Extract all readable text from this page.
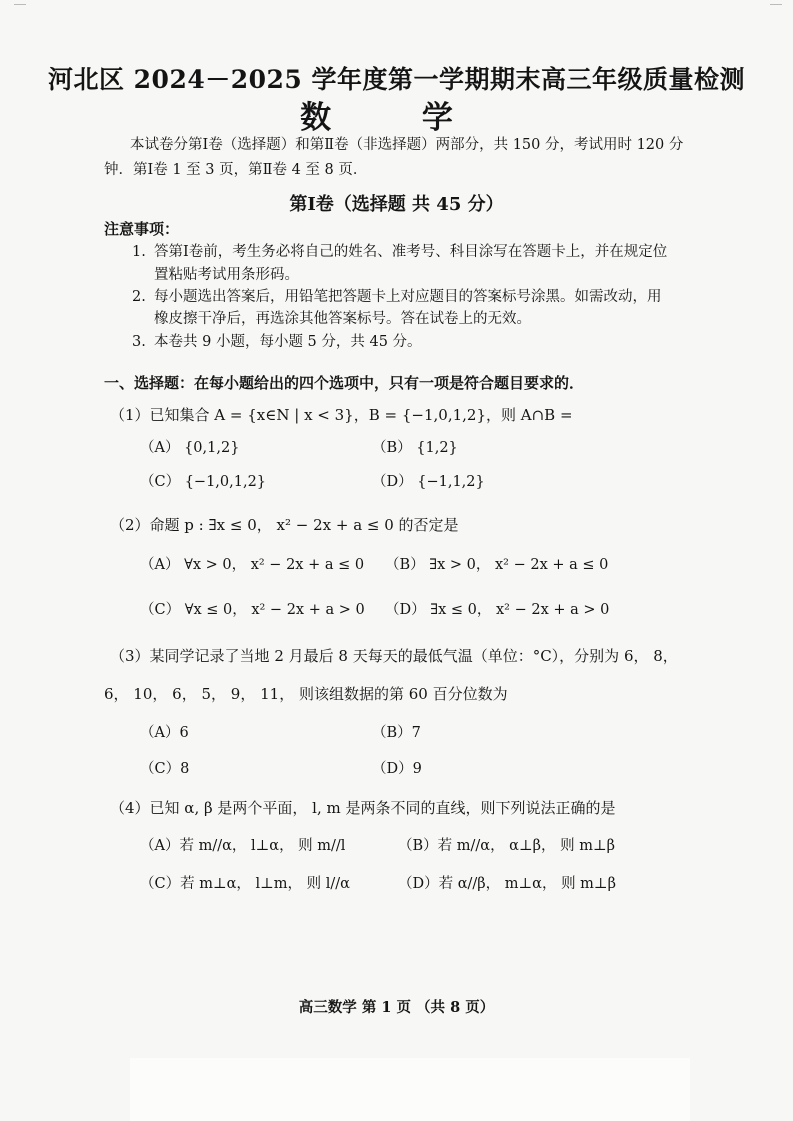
河北区 2024－2025 学年度第一学期期末高三年级质量检测
数 学
本试卷分第Ⅰ卷（选择题）和第Ⅱ卷（非选择题）两部分，共 150 分，考试用时 120 分
钟．第Ⅰ卷 1 至 3 页，第Ⅱ卷 4 至 8 页．
第Ⅰ卷（选择题 共 45 分）
注意事项：
1. 答第Ⅰ卷前，考生务必将自己的姓名、准考号、科目涂写在答题卡上，并在规定位
置粘贴考试用条形码。
2. 每小题选出答案后，用铅笔把答题卡上对应题目的答案标号涂黑。如需改动，用
橡皮擦干净后，再选涂其他答案标号。答在试卷上的无效。
3. 本卷共 9 小题，每小题 5 分，共 45 分。
一、选择题：在每小题给出的四个选项中，只有一项是符合题目要求的．
（1）已知集合 A = {x∈N | x < 3}，B = {−1,0,1,2}，则 A∩B =
（A） {0,1,2}	（B） {1,2}
（C） {−1,0,1,2}	（D） {−1,1,2}
（2）命题 p : ∃x ≤ 0， x² − 2x + a ≤ 0 的否定是
（A） ∀x > 0， x² − 2x + a ≤ 0 （B） ∃x > 0， x² − 2x + a ≤ 0
（C） ∀x ≤ 0， x² − 2x + a > 0 （D） ∃x ≤ 0， x² − 2x + a > 0
（3）某同学记录了当地 2 月最后 8 天每天的最低气温（单位：°C），分别为 6， 8，
6， 10， 6， 5， 9， 11， 则该组数据的第 60 百分位数为
（A）6	（B）7
（C）8	（D）9
（4）已知 α, β 是两个平面， l, m 是两条不同的直线，则下列说法正确的是
（A）若 m//α， l⊥α， 则 m//l	（B）若 m//α， α⊥β， 则 m⊥β
（C）若 m⊥α， l⊥m， 则 l//α	（D）若 α//β， m⊥α， 则 m⊥β
高三数学 第 1 页 （共 8 页）
